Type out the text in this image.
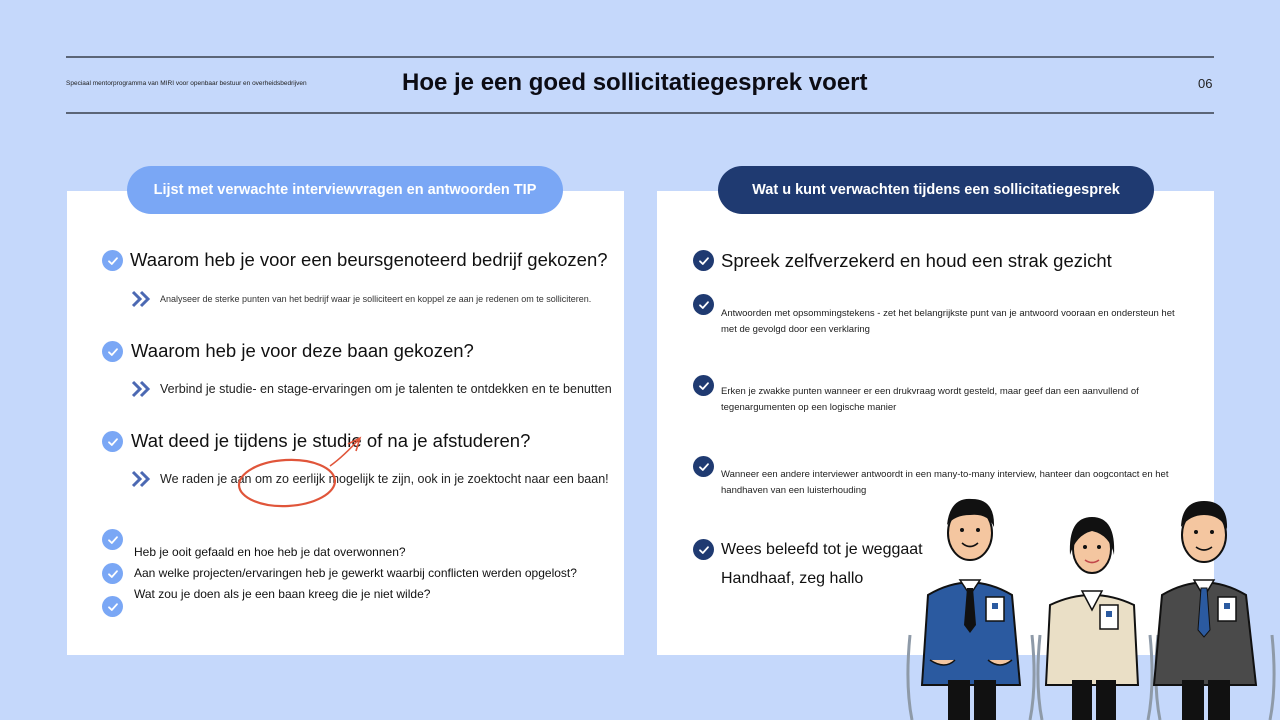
Speciaal mentorprogramma van MIRI voor openbaar bestuur en overheidsbedrijven	Hoe je een goed sollicitatiegesprek voert	06
Lijst met verwachte interviewvragen en antwoorden TIP	Wat u kunt verwachten tijdens een sollicitatiegesprek
Waarom heb je voor een beursgenoteerd bedrijf gekozen?
Analyseer de sterke punten van het bedrijf waar je solliciteert en koppel ze aan je redenen om te solliciteren.
Waarom heb je voor deze baan gekozen?
Verbind je studie- en stage-ervaringen om je talenten te ontdekken en te benutten
Wat deed je tijdens je studie of na je afstuderen?
We raden je aan om zo eerlijk mogelijk te zijn, ook in je zoektocht naar een baan!
Heb je ooit gefaald en hoe heb je dat overwonnen?
Aan welke projecten/ervaringen heb je gewerkt waarbij conflicten werden opgelost?
Wat zou je doen als je een baan kreeg die je niet wilde?
Spreek zelfverzekerd en houd een strak gezicht
Antwoorden met opsommingstekens - zet het belangrijkste punt van je antwoord vooraan en ondersteun het met de gevolgd door een verklaring
Erken je zwakke punten wanneer er een drukvraag wordt gesteld, maar geef dan een aanvullend of tegenargumenten op een logische manier
Wanneer een andere interviewer antwoordt in een many-to-many interview, hanteer dan oogcontact en het handhaven van een luisterhouding
Wees beleefd tot je weggaat
Handhaaf, zeg hallo
